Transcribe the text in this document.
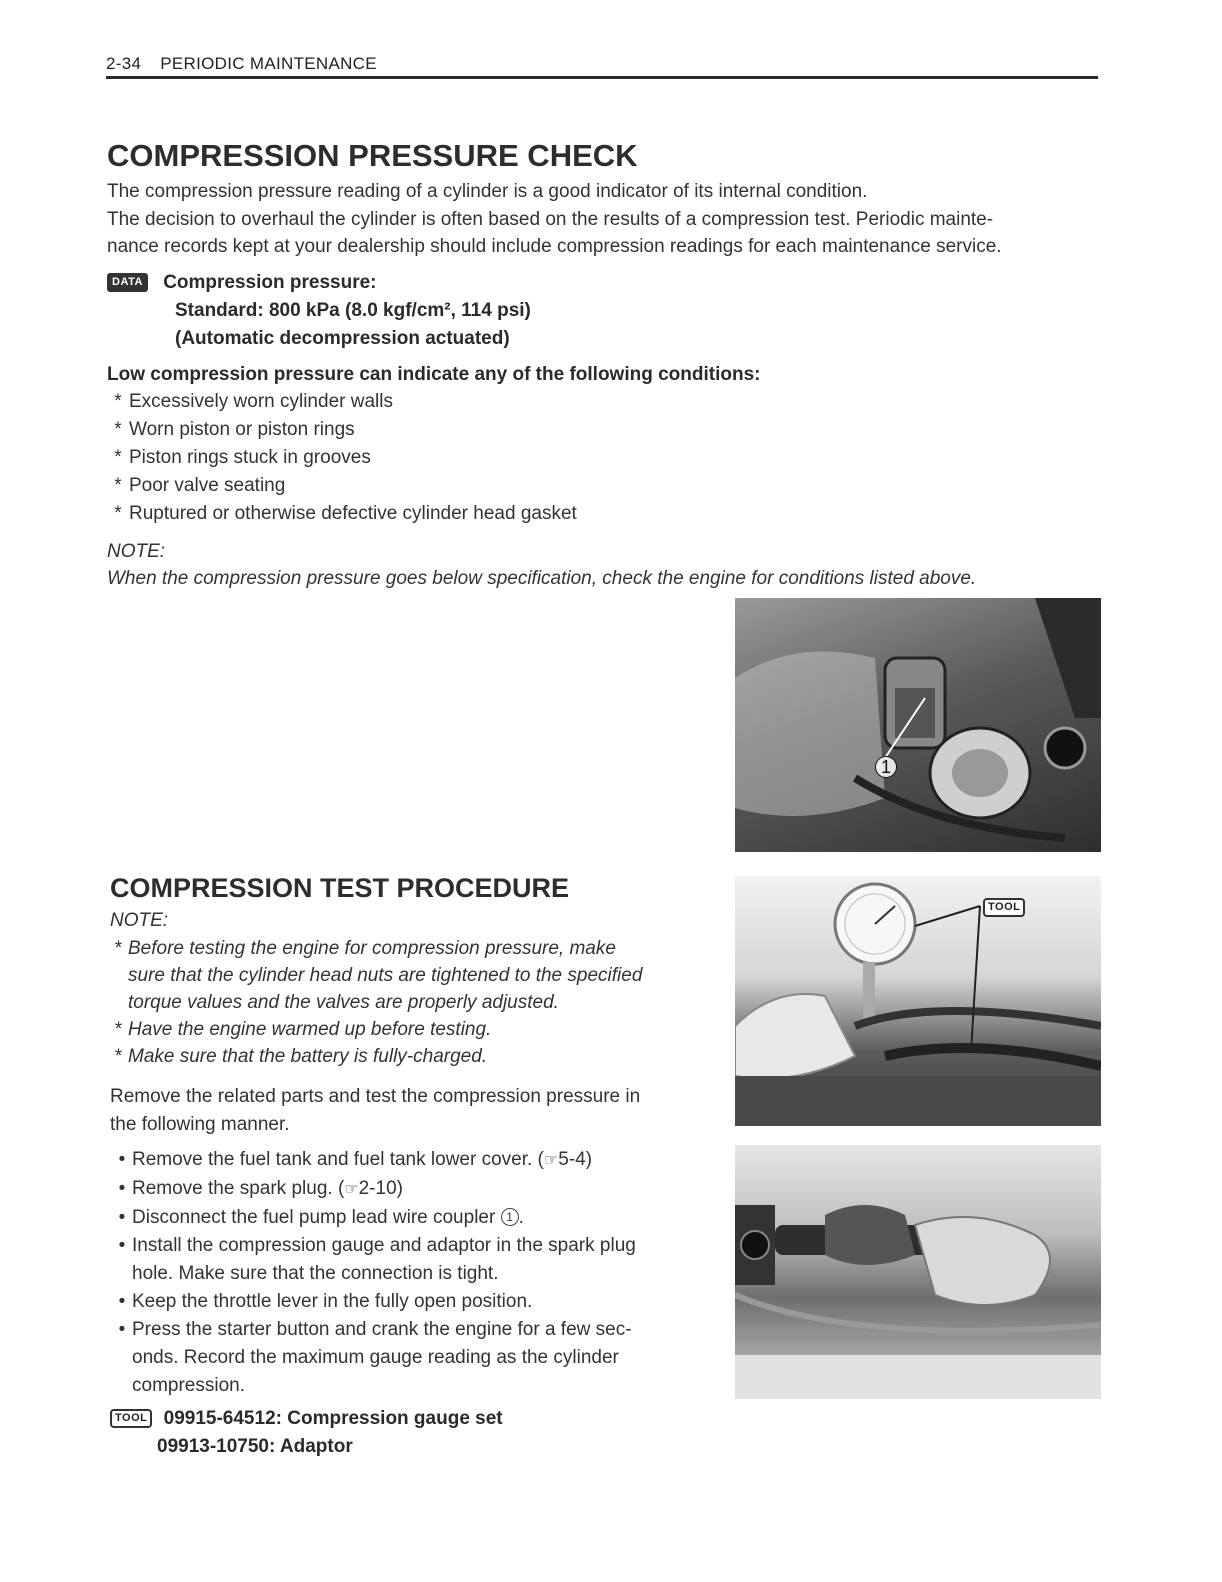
2-34 PERIODIC MAINTENANCE
COMPRESSION PRESSURE CHECK

The compression pressure reading of a cylinder is a good indicator of its internal condition.

The decision to overhaul the cylinder is often based on the results of a compression test. Periodic mainte-

nance records kept at your dealership should include compression readings for each maintenance service.

DATA Compression pressure:
Standard: 800 kPa (8.0 kgf/cm², 114 psi)
(Automatic decompression actuated)
Low compression pressure can indicate any of the following conditions:
* Excessively worn cylinder walls
* Worn piston or piston rings
* Piston rings stuck in grooves
* Poor valve seating
* Ruptured or otherwise defective cylinder head gasket

NOTE:

When the compression pressure goes below specification, check the engine for conditions listed above.

1
TOOL
COMPRESSION TEST PROCEDURE

NOTE:

* Before testing the engine for compression pressure, make
sure that the cylinder head nuts are tightened to the specified
torque values and the valves are properly adjusted.
* Have the engine warmed up before testing.
* Make sure that the battery is fully-charged.

Remove the related parts and test the compression pressure in

the following manner.

• Remove the fuel tank and fuel tank lower cover. (☞5-4)
• Remove the spark plug. (☞2-10)
• Disconnect the fuel pump lead wire coupler 1 .
• Install the compression gauge and adaptor in the spark plug
hole. Make sure that the connection is tight.
• Keep the throttle lever in the fully open position.
• Press the starter button and crank the engine for a few sec-
onds. Record the maximum gauge reading as the cylinder
compression.
TOOL 09915-64512: Compression gauge set
09913-10750: Adaptor
